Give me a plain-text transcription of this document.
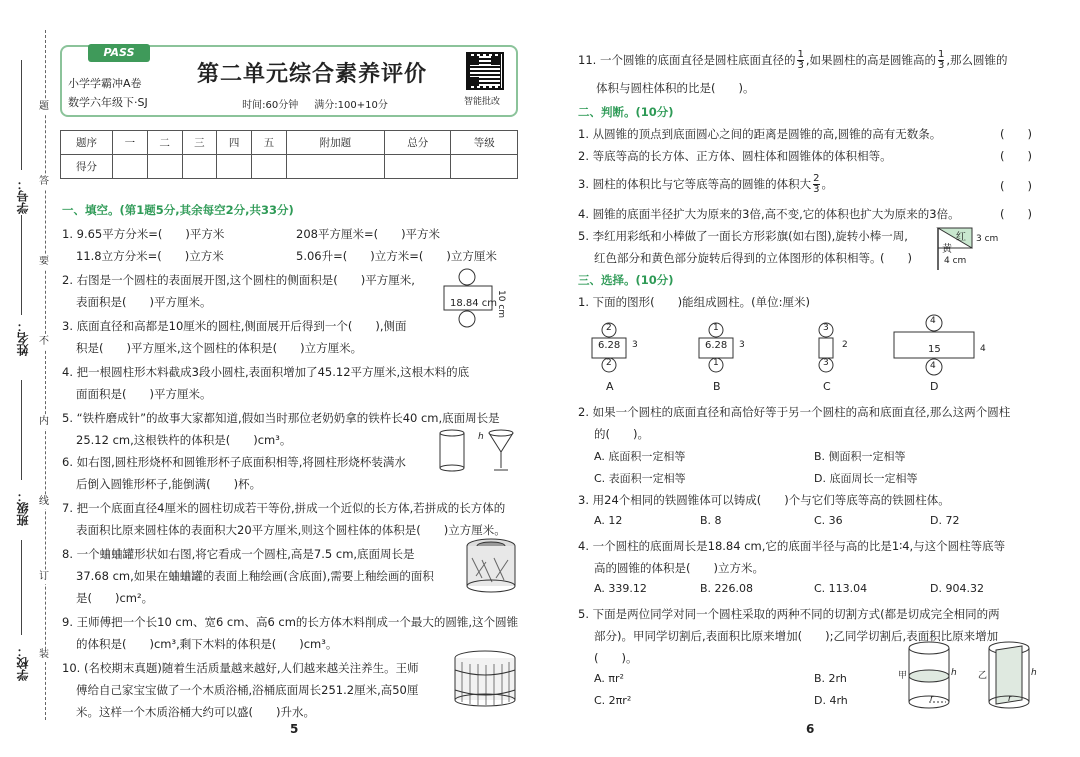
学校：
班级：
姓名：
学号：
题
答
要
不
内
线
订
装
PASS
小学学霸冲A卷
数学六年级下·SJ
第二单元综合素养评价
时间:60分钟 满分:100+10分	智能批改
题序	一	二	三	四	五	附加题	总分	等级
得分								
一、填空。(第1题5分,其余每空2分,共33分)
1. 9.65平方分米=(　　)平方米	208平方厘米=(　　)平方米
11.8立方分米=(　　)立方米	5.06升=(　　)立方米=(　　)立方厘米
2. 右图是一个圆柱的表面展开图,这个圆柱的侧面积是(　　)平方厘米,
表面积是(　　)平方厘米。	18.84 cm
10 cm
3. 底面直径和高都是10厘米的圆柱,侧面展开后得到一个(　　),侧面
积是(　　)平方厘米,这个圆柱的体积是(　　)立方厘米。
4. 把一根圆柱形木料截成3段小圆柱,表面积增加了45.12平方厘米,这根木料的底
面面积是(　　)平方厘米。
5. “铁杵磨成针”的故事大家都知道,假如当时那位老奶奶拿的铁杵长40 cm,底面周长是
25.12 cm,这根铁杵的体积是(　　)cm³。	h
6. 如右图,圆柱形烧杯和圆锥形杯子底面积相等,将圆柱形烧杯装满水
后倒入圆锥形杯子,能倒满(　　)杯。
7. 把一个底面直径4厘米的圆柱切成若干等份,拼成一个近似的长方体,若拼成的长方体的
表面积比原来圆柱体的表面积大20平方厘米,则这个圆柱体的体积是(　　)立方厘米。
8. 一个蛐蛐罐形状如右图,将它看成一个圆柱,高是7.5 cm,底面周长是
37.68 cm,如果在蛐蛐罐的表面上釉绘画(含底面),需要上釉绘画的面积
是(　　)cm²。
9. 王师傅把一个长10 cm、宽6 cm、高6 cm的长方体木料削成一个最大的圆锥,这个圆锥
的体积是(　　)cm³,剩下木料的体积是(　　)cm³。
10. (名校期末真题)随着生活质量越来越好,人们越来越关注养生。王师
傅给自己家宝宝做了一个木质浴桶,浴桶底面周长251.2厘米,高50厘
米。这样一个木质浴桶大约可以盛(　　)升水。
5
11. 一个圆锥的底面直径是圆柱底面直径的 $\frac{1}{3}$ ,如果圆柱的高是圆锥高的 $\frac{1}{3}$ ,那么圆锥的
体积与圆柱体积的比是(　　)。
二、判断。(10分)
1. 从圆锥的顶点到底面圆心之间的距离是圆锥的高,圆锥的高有无数条。	(　　)
2. 等底等高的长方体、正方体、圆柱体和圆锥体的体积相等。	(　　)
3. 圆柱的体积比与它等底等高的圆锥的体积大 $\frac{2}{3}$ 。	(　　)
4. 圆锥的底面半径扩大为原来的3倍,高不变,它的体积也扩大为原来的3倍。	(　　)
5. 李红用彩纸和小棒做了一面长方形彩旗(如右图),旋转小棒一周,
红色部分和黄色部分旋转后得到的立体图形的体积相等。
(　　)
红
黄
3 cm
4 cm
三、选择。(10分)
1. 下面的图形(　　)能组成圆柱。(单位:厘米)
2
6.28 3
2
1
6.28 3
1
3
2
3
4
15	4
4
A	B	C	D
2. 如果一个圆柱的底面直径和高恰好等于另一个圆柱的高和底面直径,那么这两个圆柱
的(　　)。
A. 底面积一定相等	B. 侧面积一定相等
C. 表面积一定相等	D. 底面周长一定相等
3. 用24个相同的铁圆锥体可以铸成(　　)个与它们等底等高的铁圆柱体。
A. 12	B. 8	C. 36	D. 72
4. 一个圆柱的底面周长是18.84 cm,它的底面半径与高的比是1∶4,与这个圆柱等底等
高的圆锥的体积是(　　)立方米。
A. 339.12	B. 226.08	C. 113.04	D. 904.32
5. 下面是两位同学对同一个圆柱采取的两种不同的切割方式(都是切成完全相同的两
部分)。甲同学切割后,表面积比原来增加(　　);乙同学切割后,表面积比原来增加
(　　)。
A. πr²	B. 2rh
C. 2πr²	D. 4rh
甲	h
r
乙	h
r
6
